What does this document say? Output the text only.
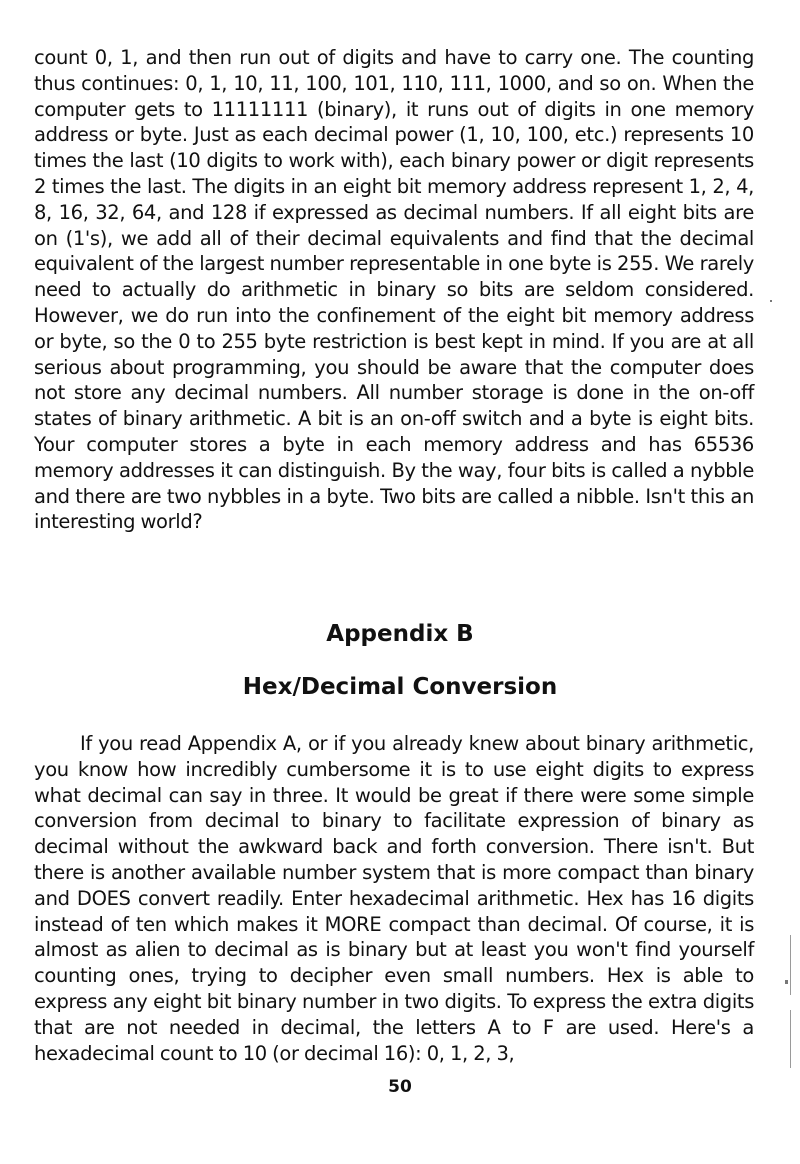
count 0, 1, and then run out of digits and have to carry one. The counting thus continues: 0, 1, 10, 11, 100, 101, 110, 111, 1000, and so on. When the computer gets to 11111111 (binary), it runs out of digits in one memory address or byte. Just as each decimal power (1, 10, 100, etc.) represents 10 times the last (10 digits to work with), each binary power or digit represents 2 times the last. The digits in an eight bit memory address represent 1, 2, 4, 8, 16, 32, 64, and 128 if expressed as decimal numbers. If all eight bits are on (1's), we add all of their decimal equivalents and find that the decimal equivalent of the largest number representable in one byte is 255. We rarely need to actually do arithmetic in binary so bits are seldom considered. However, we do run into the confinement of the eight bit memory address or byte, so the 0 to 255 byte restriction is best kept in mind. If you are at all serious about programming, you should be aware that the computer does not store any decimal numbers. All number storage is done in the on-off states of binary arithmetic. A bit is an on-off switch and a byte is eight bits. Your computer stores a byte in each memory address and has 65536 memory addresses it can distinguish. By the way, four bits is called a nybble and there are two nybbles in a byte. Two bits are called a nibble. Isn't this an interesting world?

Appendix B
Hex/Decimal Conversion

If you read Appendix A, or if you already knew about binary arithmetic, you know how incredibly cumbersome it is to use eight digits to express what decimal can say in three. It would be great if there were some simple conversion from decimal to binary to facilitate expression of binary as decimal without the awkward back and forth conversion. There isn't. But there is another available number system that is more compact than binary and DOES convert readily. Enter hexadecimal arithmetic. Hex has 16 digits instead of ten which makes it MORE compact than decimal. Of course, it is almost as alien to decimal as is binary but at least you won't find yourself counting ones, trying to decipher even small numbers. Hex is able to express any eight bit binary number in two digits. To express the extra digits that are not needed in decimal, the letters A to F are used. Here's a hexadecimal count to 10 (or decimal 16): 0, 1, 2, 3,

50
